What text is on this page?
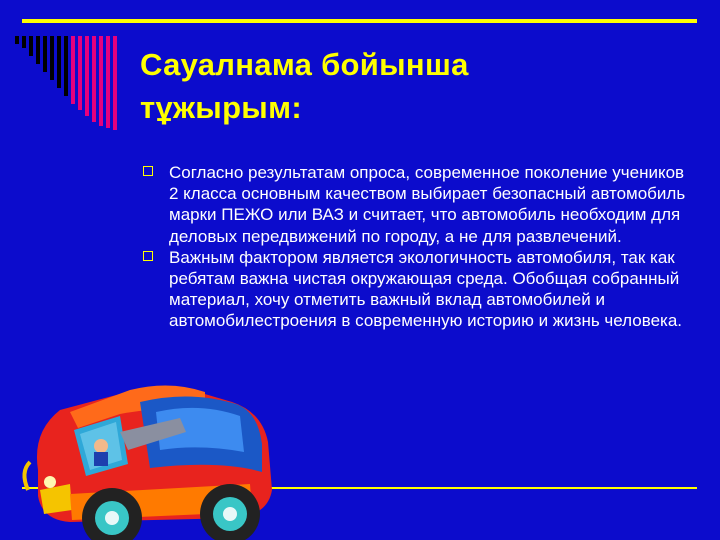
Сауалнама бойынша
тұжырым:
Согласно результатам опроса, современное поколение учеников 2 класса основным качеством выбирает безопасный автомобиль марки ПЕЖО или ВАЗ и считает, что автомобиль необходим для деловых передвижений по городу, а не для развлечений.
Важным фактором является экологичность автомобиля, так как ребятам важна чистая окружающая среда. Обобщая собранный материал, хочу отметить важный вклад автомобилей и автомобилестроения в современную историю и жизнь человека.
